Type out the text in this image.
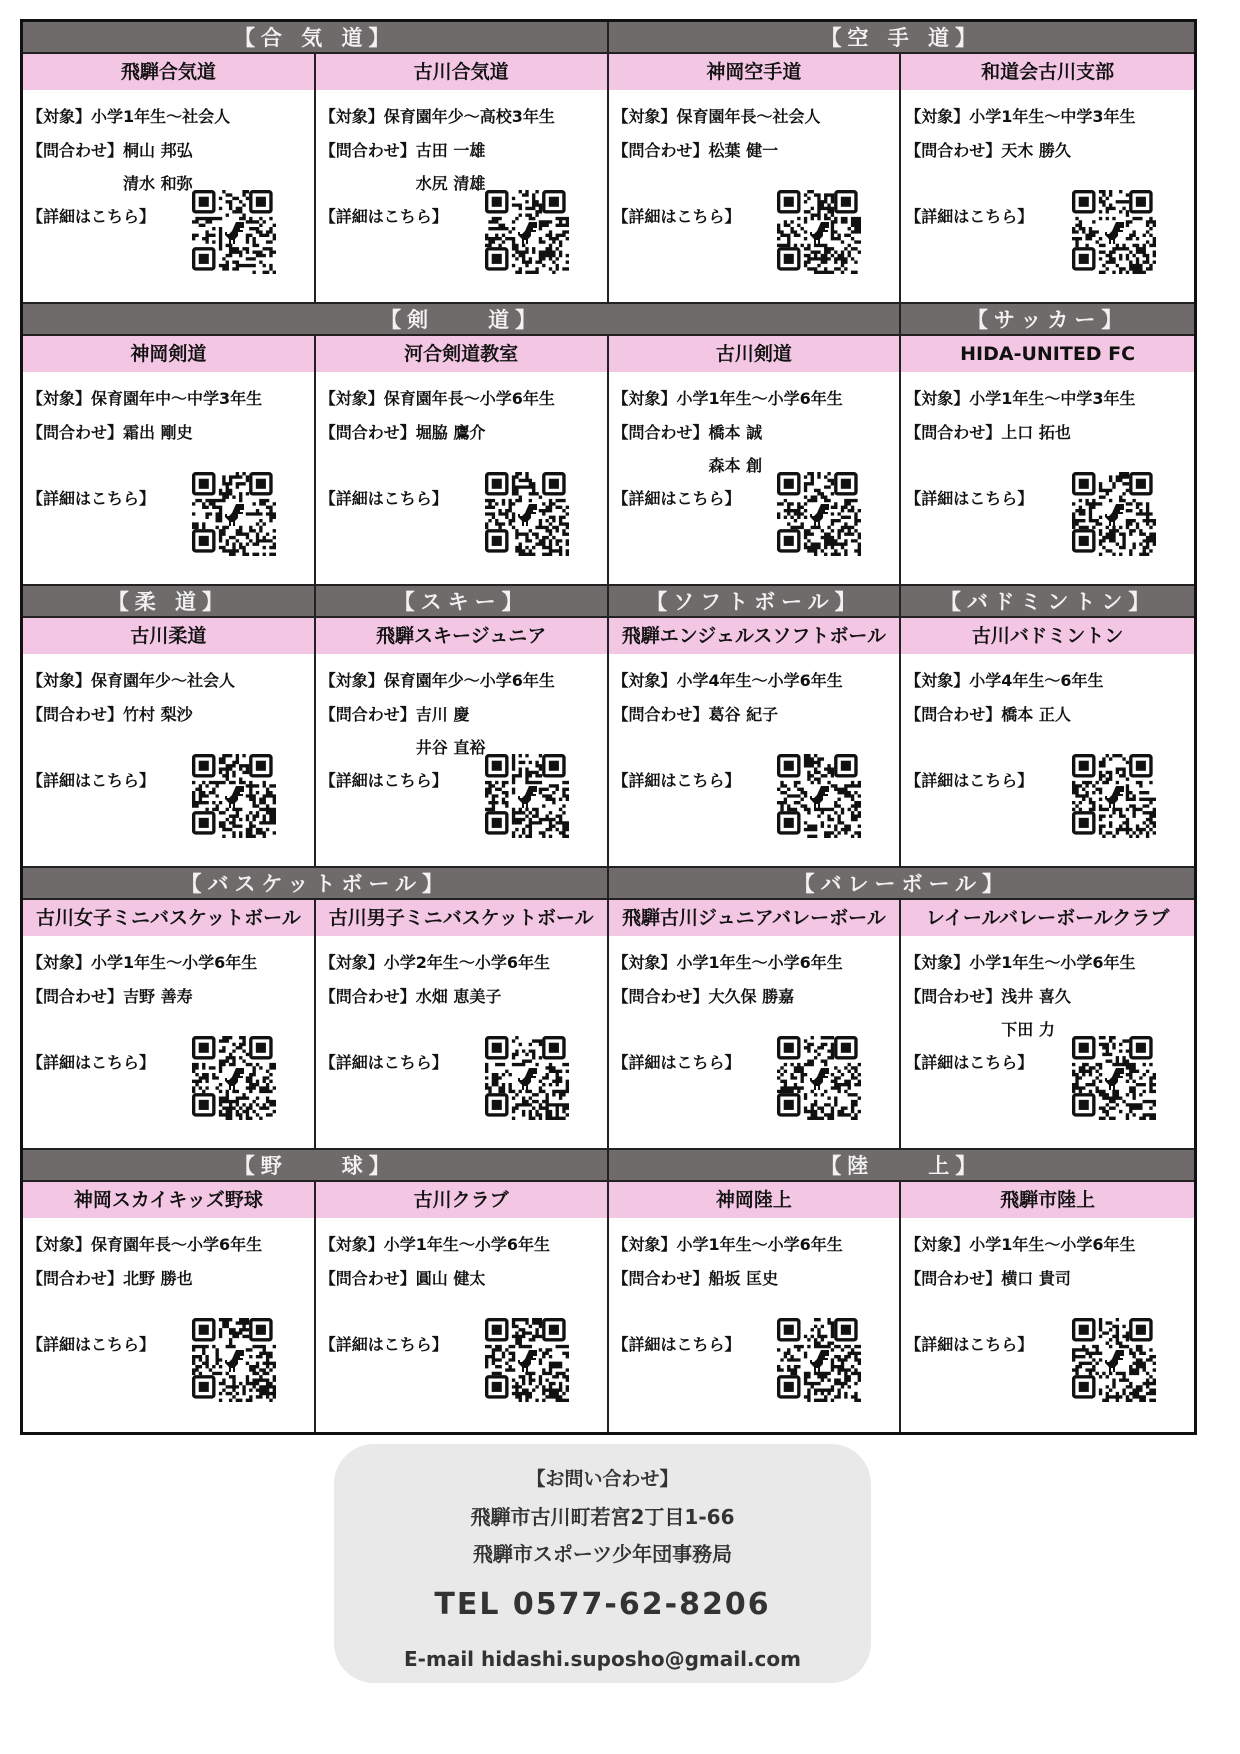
【合 気 道】	【空 手 道】
飛騨合気道
【対象】小学1年生～社会人
【問合わせ】 桐山 邦弘
清水 和弥
【詳細はこちら】
古川合気道
【対象】保育園年少～高校3年生
【問合わせ】 古田 一雄
水尻 清雄
【詳細はこちら】
神岡空手道
【対象】保育園年長～社会人
【問合わせ】 松葉 健一
【詳細はこちら】
和道会古川支部
【対象】小学1年生～中学3年生
【問合わせ】 天木 勝久
【詳細はこちら】
【剣　　道】	【サッカー】
神岡剣道
【対象】保育園年中～中学3年生
【問合わせ】 霜出 剛史
【詳細はこちら】
河合剣道教室
【対象】保育園年長～小学6年生
【問合わせ】 堀脇 鷹介
【詳細はこちら】
古川剣道
【対象】小学1年生～小学6年生
【問合わせ】 橋本 誠
森本 創
【詳細はこちら】
HIDA-UNITED FC
【対象】小学1年生～中学3年生
【問合わせ】 上口 拓也
【詳細はこちら】
【柔 道】	【スキー】	【ソフトボール】	【バドミントン】
古川柔道
【対象】保育園年少～社会人
【問合わせ】 竹村 梨沙
【詳細はこちら】
飛騨スキージュニア
【対象】保育園年少～小学6年生
【問合わせ】 吉川 慶
井谷 直裕
【詳細はこちら】
飛騨エンジェルスソフトボール
【対象】小学4年生～小学6年生
【問合わせ】 葛谷 紀子
【詳細はこちら】
古川バドミントン
【対象】小学4年生～6年生
【問合わせ】 橋本 正人
【詳細はこちら】
【バスケットボール】	【バレーボール】
古川女子ミニバスケットボール
【対象】小学1年生～小学6年生
【問合わせ】 吉野 善寿
【詳細はこちら】
古川男子ミニバスケットボール
【対象】小学2年生～小学6年生
【問合わせ】 水畑 恵美子
【詳細はこちら】
飛騨古川ジュニアバレーボール
【対象】小学1年生～小学6年生
【問合わせ】 大久保 勝嘉
【詳細はこちら】
レイールバレーボールクラブ
【対象】小学1年生～小学6年生
【問合わせ】 浅井 喜久
下田 力
【詳細はこちら】
【野　　球】	【陸　　上】
神岡スカイキッズ野球
【対象】保育園年長～小学6年生
【問合わせ】 北野 勝也
【詳細はこちら】
古川クラブ
【対象】小学1年生～小学6年生
【問合わせ】 圓山 健太
【詳細はこちら】
神岡陸上
【対象】小学1年生～小学6年生
【問合わせ】 船坂 匡史
【詳細はこちら】
飛騨市陸上
【対象】小学1年生～小学6年生
【問合わせ】 横口 貴司
【詳細はこちら】
【お問い合わせ】
飛騨市古川町若宮2丁目1-66
飛騨市スポーツ少年団事務局
TEL 0577-62-8206
E-mail hidashi.suposho@gmail.com
